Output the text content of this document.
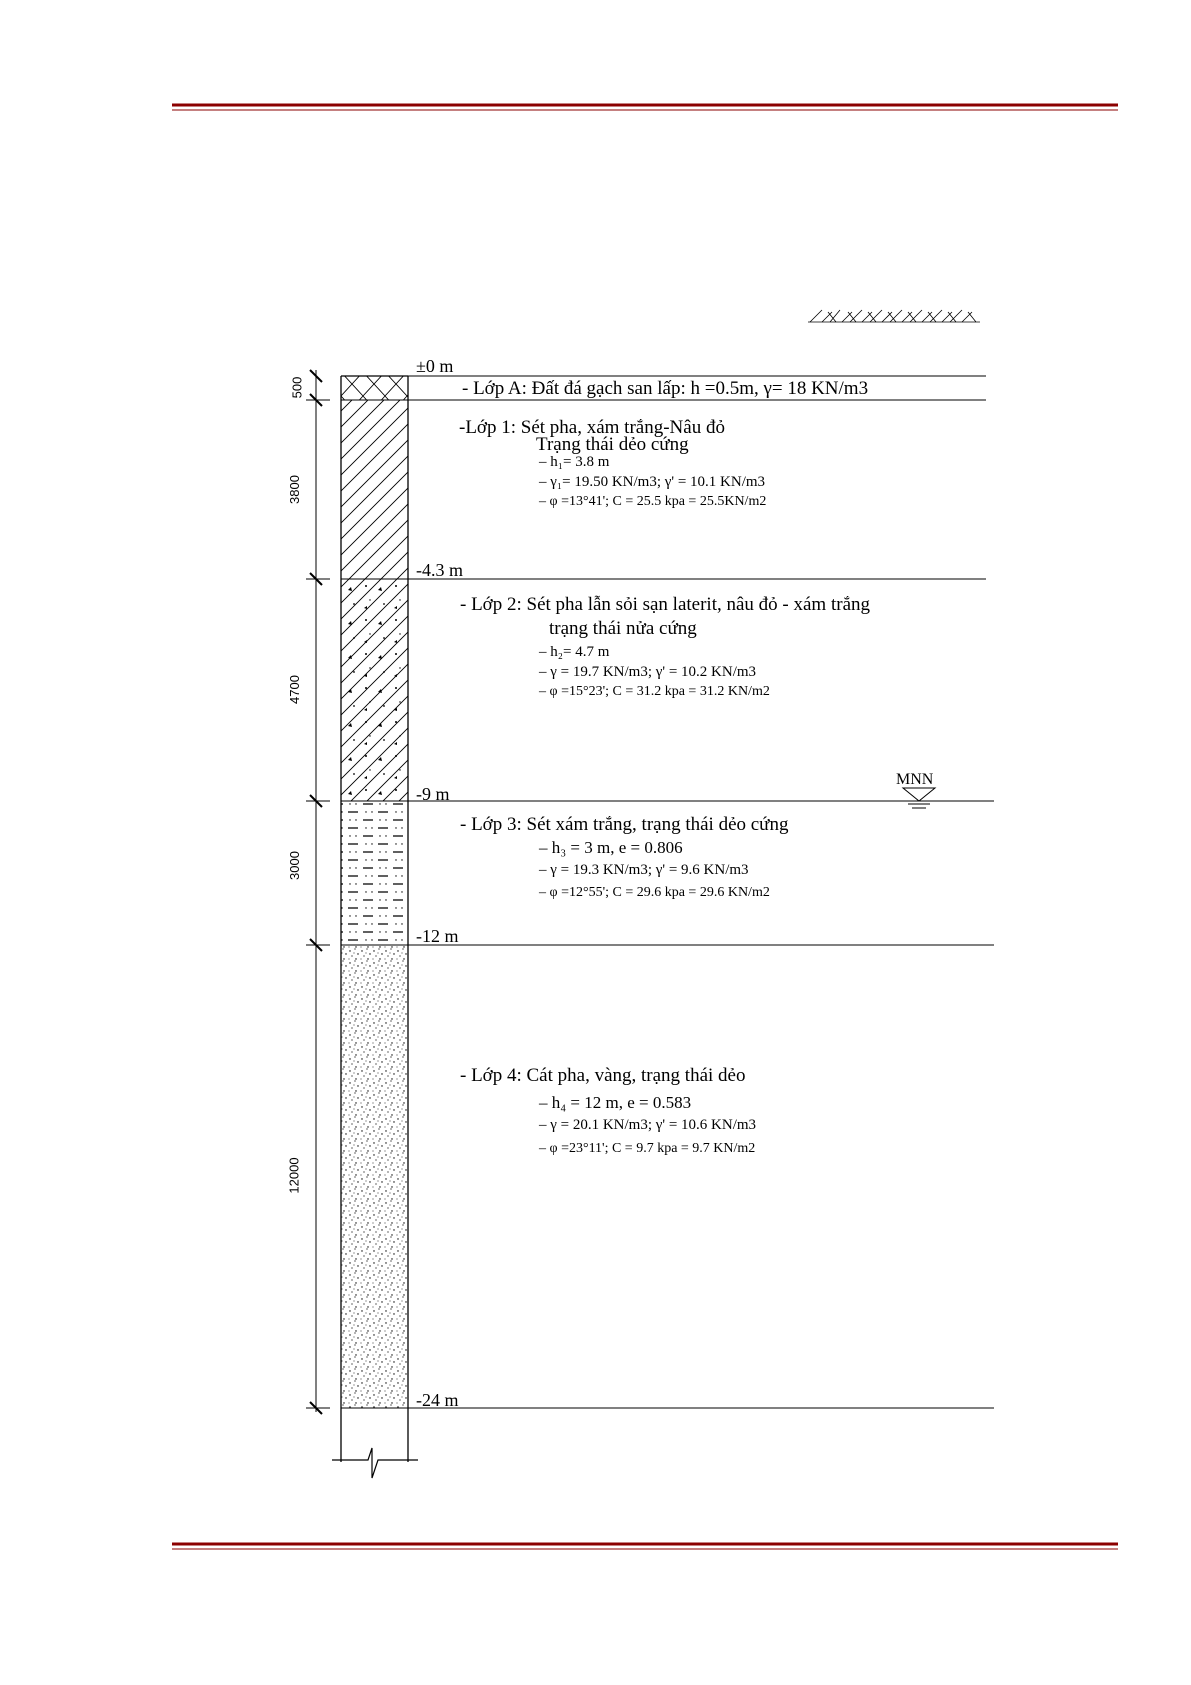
500
3800
4700
3000
12000
±0 m
-4.3 m
-9 m
-12 m
-24 m
MNN
- Lớp A: Đất đá gạch san lấp: h =0.5m, γ= 18 KN/m3
-Lớp 1: Sét pha, xám trắng-Nâu đỏ
Trạng thái dẻo cứng
– h₁= 3.8 m
– γ₁= 19.50 KN/m3; γ' = 10.1 KN/m3
– φ =13°41'; C = 25.5 kpa = 25.5KN/m2
- Lớp 2: Sét pha lẫn sỏi sạn laterit, nâu đỏ - xám trắng
trạng thái nửa cứng
– h₂= 4.7 m
– γ = 19.7 KN/m3; γ' = 10.2 KN/m3
– φ =15°23'; C = 31.2 kpa = 31.2 KN/m2
- Lớp 3: Sét xám trắng, trạng thái dẻo cứng
– h₃ = 3 m, e = 0.806
– γ = 19.3 KN/m3; γ' = 9.6 KN/m3
– φ =12°55'; C = 29.6 kpa = 29.6 KN/m2
- Lớp 4: Cát pha, vàng, trạng thái dẻo
– h₄ = 12 m, e = 0.583
– γ = 20.1 KN/m3; γ' = 10.6 KN/m3
– φ =23°11'; C = 9.7 kpa = 9.7 KN/m2
